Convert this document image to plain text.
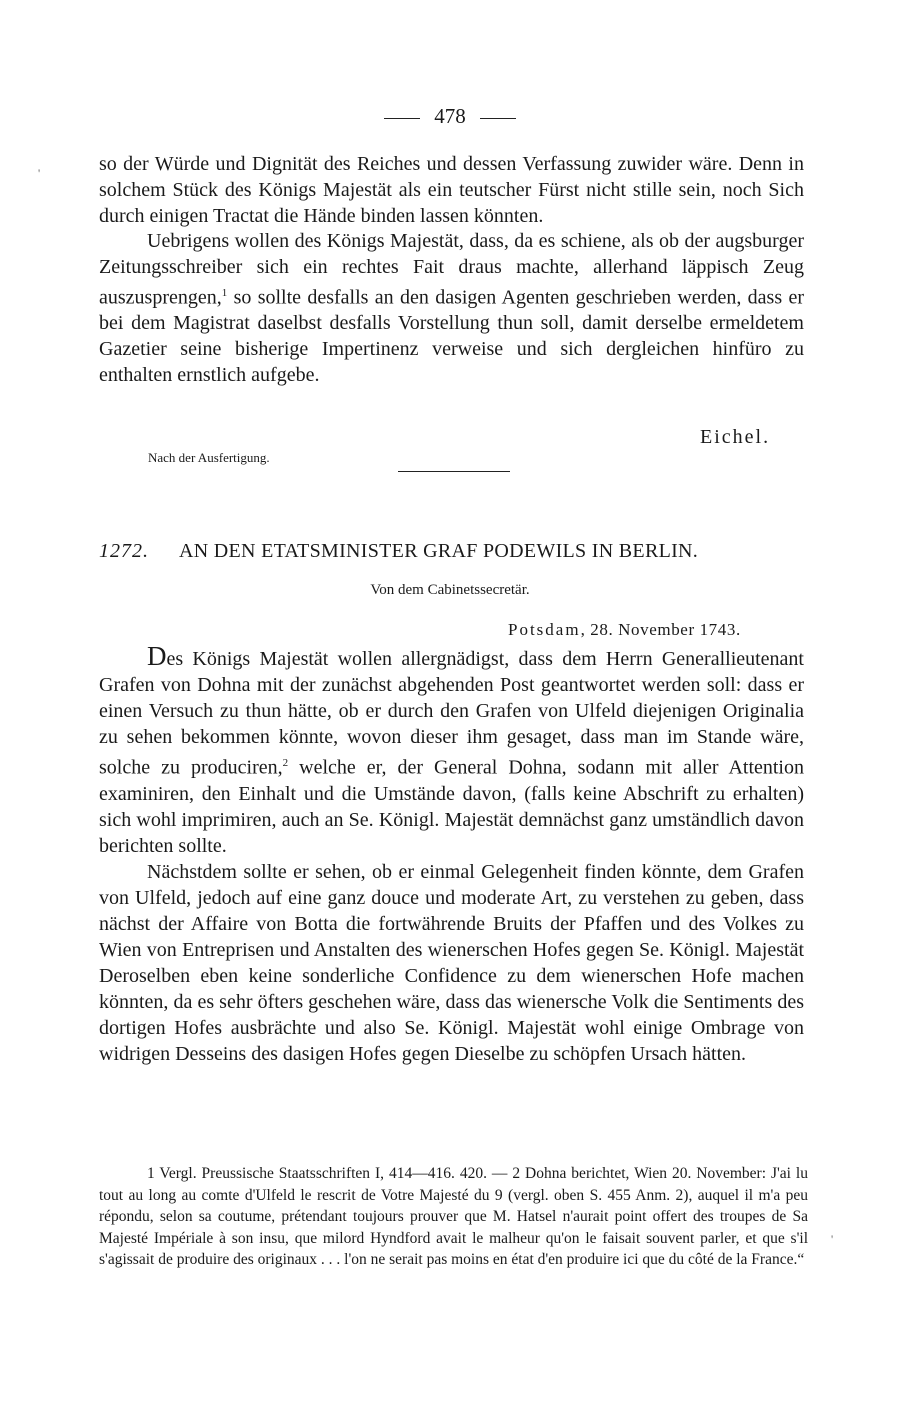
478

so der Würde und Dignität des Reiches und dessen Verfassung zuwider wäre. Denn in solchem Stück des Königs Majestät als ein teutscher Fürst nicht stille sein, noch Sich durch einigen Tractat die Hände binden lassen könnten.

Uebrigens wollen des Königs Majestät, dass, da es schiene, als ob der augsburger Zeitungsschreiber sich ein rechtes Fait draus machte, allerhand läppisch Zeug auszusprengen,$^1$ so sollte desfalls an den dasigen Agenten geschrieben werden, dass er bei dem Magistrat daselbst desfalls Vorstellung thun soll, damit derselbe ermeldetem Gazetier seine bisherige Impertinenz verweise und sich dergleichen hinfüro zu enthalten ernstlich aufgebe.

Eichel.
Nach der Ausfertigung.
1272. AN DEN ETATSMINISTER GRAF PODEWILS IN BERLIN.
Von dem Cabinetssecretär.
Potsdam, 28. November 1743.

Des Königs Majestät wollen allergnädigst, dass dem Herrn Generallieutenant Grafen von Dohna mit der zunächst abgehenden Post geantwortet werden soll: dass er einen Versuch zu thun hätte, ob er durch den Grafen von Ulfeld diejenigen Originalia zu sehen bekommen könnte, wovon dieser ihm gesaget, dass man im Stande wäre, solche zu produciren,$^2$ welche er, der General Dohna, sodann mit aller Attention examiniren, den Einhalt und die Umstände davon, (falls keine Abschrift zu erhalten) sich wohl imprimiren, auch an Se. Königl. Majestät demnächst ganz umständlich davon berichten sollte.

Nächstdem sollte er sehen, ob er einmal Gelegenheit finden könnte, dem Grafen von Ulfeld, jedoch auf eine ganz douce und moderate Art, zu verstehen zu geben, dass nächst der Affaire von Botta die fortwährende Bruits der Pfaffen und des Volkes zu Wien von Entreprisen und Anstalten des wienerschen Hofes gegen Se. Königl. Majestät Deroselben eben keine sonderliche Confidence zu dem wienerschen Hofe machen könnten, da es sehr öfters geschehen wäre, dass das wienersche Volk die Sentiments des dortigen Hofes ausbrächte und also Se. Königl. Majestät wohl einige Ombrage von widrigen Desseins des dasigen Hofes gegen Dieselbe zu schöpfen Ursach hätten.

1 Vergl. Preussische Staatsschriften I, 414—416. 420. — 2 Dohna berichtet, Wien 20. November: J'ai lu tout au long au comte d'Ulfeld le rescrit de Votre Majesté du 9 (vergl. oben S. 455 Anm. 2), auquel il m'a peu répondu, selon sa coutume, prétendant toujours prouver que M. Hatsel n'aurait point offert des troupes de Sa Majesté Impériale à son insu, que milord Hyndford avait le malheur qu'on le faisait souvent parler, et que s'il s'agissait de produire des originaux . . . l'on ne serait pas moins en état d'en produire ici que du côté de la France.“

'
'
